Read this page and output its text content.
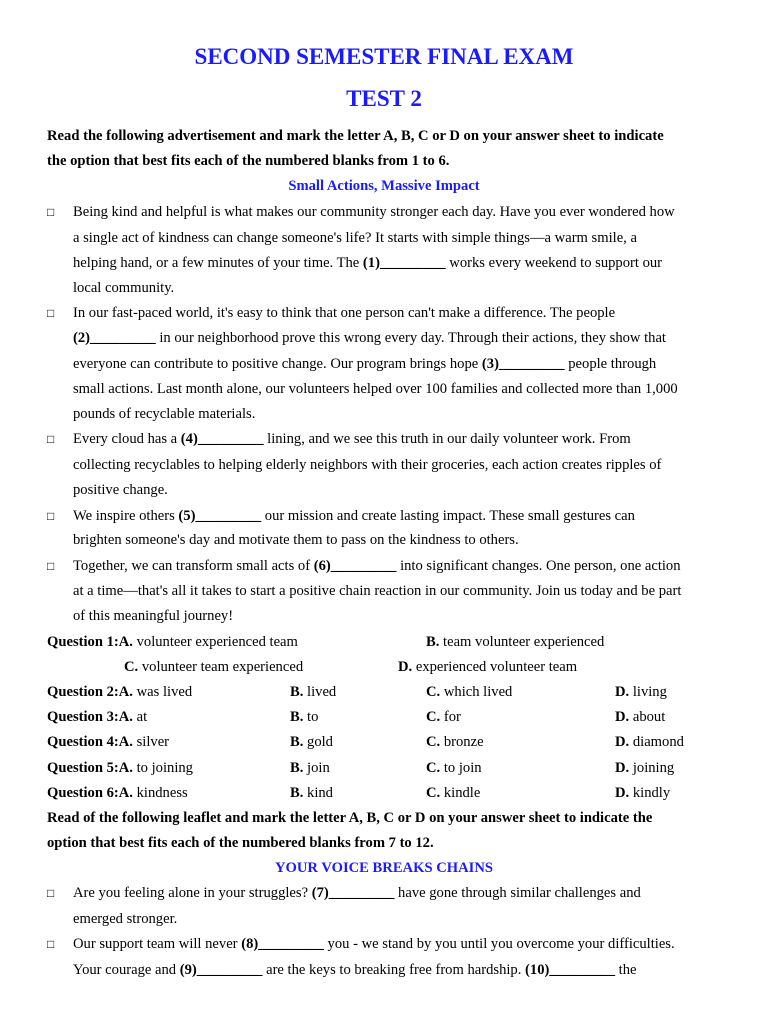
SECOND SEMESTER FINAL EXAM
TEST 2
Read the following advertisement and mark the letter A, B, C or D on your answer sheet to indicate
the option that best fits each of the numbered blanks from 1 to 6.
Small Actions, Massive Impact
□ Being kind and helpful is what makes our community stronger each day. Have you ever wondered how
a single act of kindness can change someone's life? It starts with simple things—a warm smile, a
helping hand, or a few minutes of your time. The (1)_________ works every weekend to support our
local community.
□ In our fast-paced world, it's easy to think that one person can't make a difference. The people
(2)_________ in our neighborhood prove this wrong every day. Through their actions, they show that
everyone can contribute to positive change. Our program brings hope (3)_________ people through
small actions. Last month alone, our volunteers helped over 100 families and collected more than 1,000
pounds of recyclable materials.
□ Every cloud has a (4)_________ lining, and we see this truth in our daily volunteer work. From
collecting recyclables to helping elderly neighbors with their groceries, each action creates ripples of
positive change.
□ We inspire others (5)_________ our mission and create lasting impact. These small gestures can
brighten someone's day and motivate them to pass on the kindness to others.
□ Together, we can transform small acts of (6)_________ into significant changes. One person, one action
at a time—that's all it takes to start a positive chain reaction in our community. Join us today and be part
of this meaningful journey!
Question 1:A. volunteer experienced team	B. team volunteer experienced
C. volunteer team experienced	D. experienced volunteer team
Question 2:A. was lived	B. lived	C. which lived	D. living
Question 3:A. at	B. to	C. for	D. about
Question 4:A. silver	B. gold	C. bronze	D. diamond
Question 5:A. to joining	B. join	C. to join	D. joining
Question 6:A. kindness	B. kind	C. kindle	D. kindly
Read of the following leaflet and mark the letter A, B, C or D on your answer sheet to indicate the
option that best fits each of the numbered blanks from 7 to 12.
YOUR VOICE BREAKS CHAINS
□ Are you feeling alone in your struggles? (7)_________ have gone through similar challenges and
emerged stronger.
□ Our support team will never (8)_________ you - we stand by you until you overcome your difficulties.
Your courage and (9)_________ are the keys to breaking free from hardship. (10)_________ the
